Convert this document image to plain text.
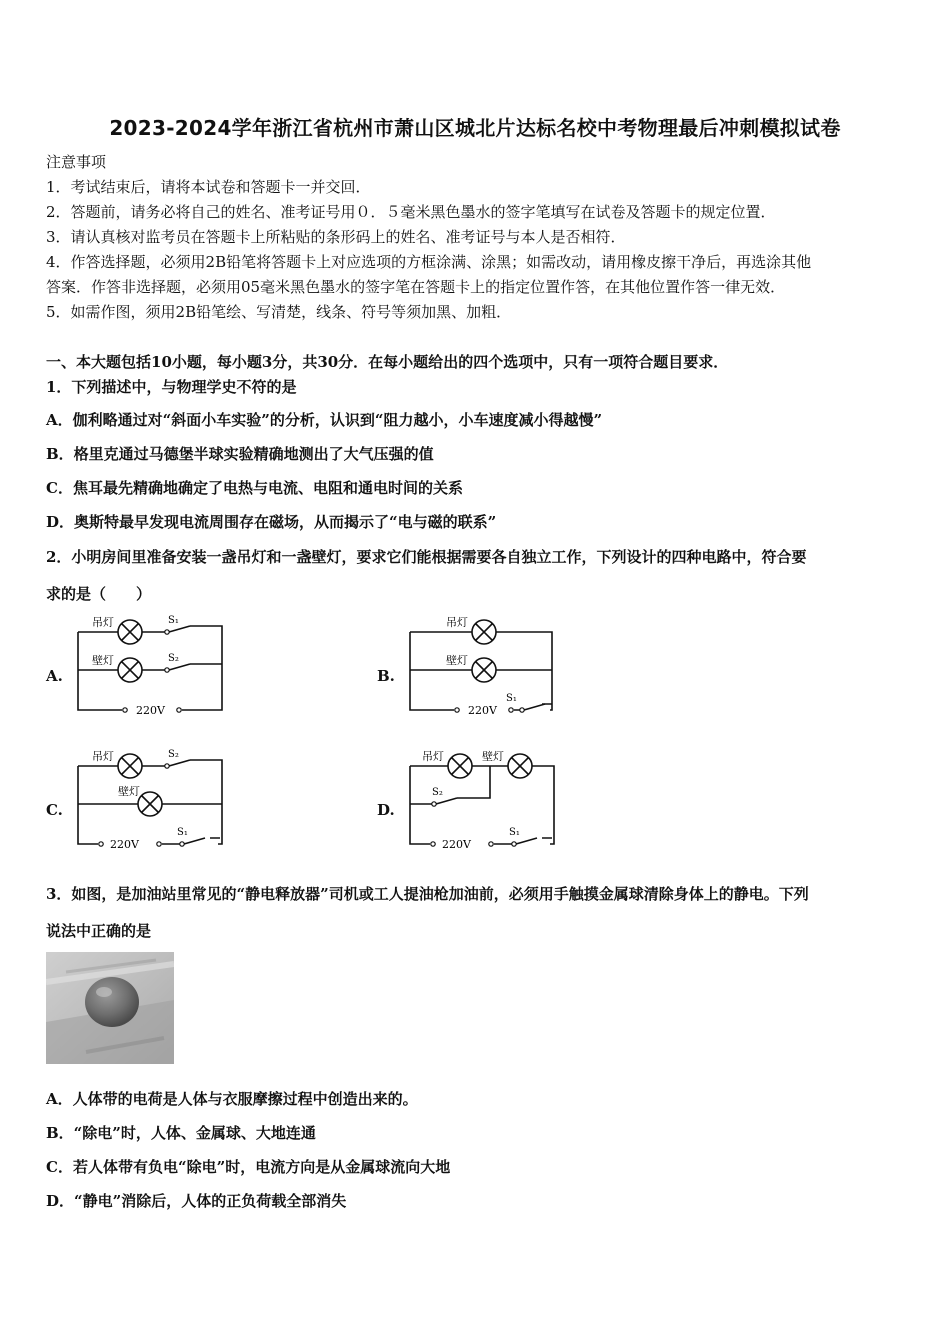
2023-2024学年浙江省杭州市萧山区城北片达标名校中考物理最后冲刺模拟试卷
注意事项
1．考试结束后，请将本试卷和答题卡一并交回．
2．答题前，请务必将自己的姓名、准考证号用０．５毫米黑色墨水的签字笔填写在试卷及答题卡的规定位置．
3．请认真核对监考员在答题卡上所粘贴的条形码上的姓名、准考证号与本人是否相符．
4．作答选择题，必须用2B铅笔将答题卡上对应选项的方框涂满、涂黑；如需改动，请用橡皮擦干净后，再选涂其他
答案．作答非选择题，必须用05毫米黑色墨水的签字笔在答题卡上的指定位置作答，在其他位置作答一律无效．
5．如需作图，须用2B铅笔绘、写清楚，线条、符号等须加黑、加粗．
一、本大题包括10小题，每小题3分，共30分．在每小题给出的四个选项中，只有一项符合题目要求．
1．下列描述中，与物理学史不符的是
A．伽利略通过对“斜面小车实验”的分析，认识到“阻力越小，小车速度减小得越慢”
B．格里克通过马德堡半球实验精确地测出了大气压强的值
C．焦耳最先精确地确定了电热与电流、电阻和通电时间的关系
D．奥斯特最早发现电流周围存在磁场，从而揭示了“电与磁的联系”
2．小明房间里准备安装一盏吊灯和一盏壁灯，要求它们能根据需要各自独立工作，下列设计的四种电路中，符合要
求的是（　　）
A.	B.
C.	D.
吊灯
壁灯
S₁
S₂
220V
吊灯
壁灯
S₁
220V
吊灯
壁灯
S₂
S₁
220V
吊灯	壁灯
S₂
S₁
220V
3．如图，是加油站里常见的“静电释放器”司机或工人提油枪加油前，必须用手触摸金属球清除身体上的静电。下列
说法中正确的是
A．人体带的电荷是人体与衣服摩擦过程中创造出来的。
B．“除电”时，人体、金属球、大地连通
C．若人体带有负电“除电”时，电流方向是从金属球流向大地
D．“静电”消除后，人体的正负荷载全部消失
